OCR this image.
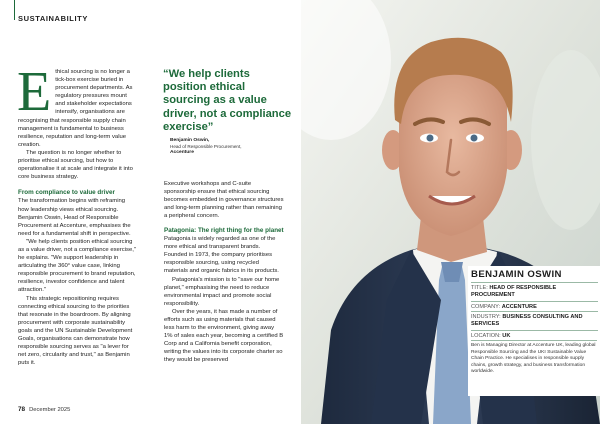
SUSTAINABILITY
E thical sourcing is no longer a tick-box exercise buried in procurement departments. As regulatory pressures mount and stakeholder expectations intensify, organisations are recognising that responsible supply chain management is fundamental to business resilience, reputation and long-term value creation.
The question is no longer whether to prioritise ethical sourcing, but how to operationalise it at scale and integrate it into core business strategy.
From compliance to value driver
The transformation begins with reframing how leadership views ethical sourcing. Benjamin Oswin, Head of Responsible Procurement at Accenture, emphasises the need for a fundamental shift in perspective.
"We help clients position ethical sourcing as a value driver, not a compliance exercise," he explains. "We support leadership in articulating the 360° value case, linking responsible procurement to brand reputation, resilience, investor confidence and talent attraction."
This strategic repositioning requires connecting ethical sourcing to the priorities that resonate in the boardroom. By aligning procurement with corporate sustainability goals and the UN Sustainable Development Goals, organisations can demonstrate how responsible sourcing serves as "a lever for net zero, circularity and trust," as Benjamin puts it.
“We help clients position ethical sourcing as a value driver, not a compliance exercise”
Benjamin Oswin,
Head of Responsible Procurement,
Accenture
Executive workshops and C-suite sponsorship ensure that ethical sourcing becomes embedded in governance structures and long-term planning rather than remaining a peripheral concern.
Patagonia: The right thing for the planet
Patagonia is widely regarded as one of the more ethical and transparent brands. Founded in 1973, the company prioritises responsible sourcing, using recycled materials and organic fabrics in its products.
Patagonia's mission is to "save our home planet," emphasising the need to reduce environmental impact and promote social responsibility.
Over the years, it has made a number of efforts such as using materials that caused less harm to the environment, giving away 1% of sales each year, becoming a certified B Corp and a California benefit corporation, writing the values into its corporate charter so they would be preserved
78 December 2025
BENJAMIN OSWIN
TITLE: HEAD OF RESPONSIBLE PROCUREMENT
COMPANY: ACCENTURE
INDUSTRY: BUSINESS CONSULTING AND SERVICES
LOCATION: UK
Ben is Managing Director at Accenture UK, leading global Responsible Sourcing and the UKI Sustainable Value Chain Practice. He specialises in responsible supply chains, growth strategy, and business transformation worldwide.
